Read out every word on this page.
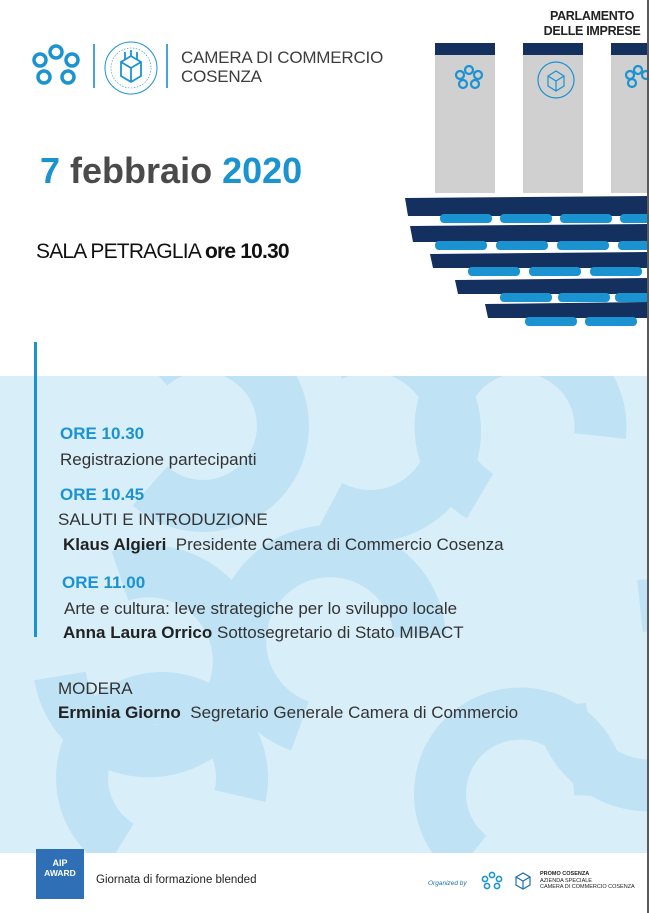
CAMERA DI COMMERCIO
COSENZA
PARLAMENTO
DELLE IMPRESE
7 febbraio 2020
SALA PETRAGLIA ore 10.30
ORE 10.30
Registrazione partecipanti
ORE 10.45
SALUTI E INTRODUZIONE
Klaus Algieri Presidente Camera di Commercio Cosenza
ORE 11.00
Arte e cultura: leve strategiche per lo sviluppo locale
Anna Laura Orrico Sottosegretario di Stato MIBACT
MODERA
Erminia Giorno Segretario Generale Camera di Commercio
AIP
AWARD
Giornata di formazione blended	Organized by
PROMO COSENZA
AZIENDA SPECIALE
CAMERA DI COMMERCIO COSENZA
